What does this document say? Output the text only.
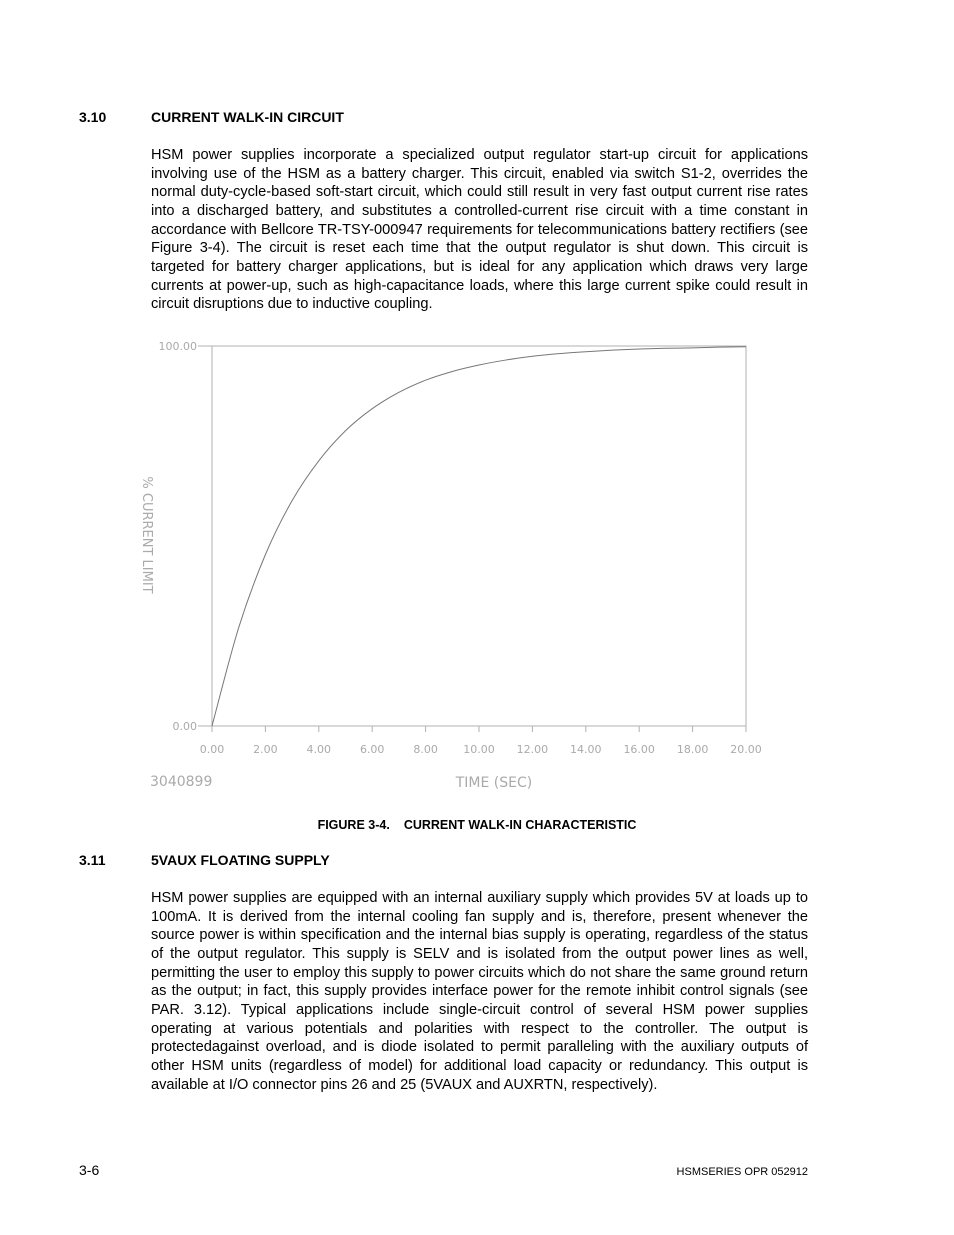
3.10	CURRENT WALK-IN CIRCUIT

HSM power supplies incorporate a specialized output regulator start-up circuit for applications involving use of the HSM as a battery charger. This circuit, enabled via switch S1-2, overrides the normal duty-cycle-based soft-start circuit, which could still result in very fast output current rise rates into a discharged battery, and substitutes a controlled-current rise circuit with a time constant in accordance with Bellcore TR-TSY-000947 requirements for telecommunications battery rectifiers (see Figure 3-4). The circuit is reset each time that the output regulator is shut down. This circuit is targeted for battery charger applications, but is ideal for any application which draws very large currents at power-up, such as high-capacitance loads, where this large current spike could result in circuit disruptions due to inductive coupling.

0.00	2.00	4.00	6.00	8.00 10.00 12.00 14.00 16.00 18.00 20.00
0.00
100.00
% CURRENT LIMIT
TIME (SEC)
3040899
FIGURE 3-4. CURRENT WALK-IN CHARACTERISTIC
3.11	5VAUX FLOATING SUPPLY

HSM power supplies are equipped with an internal auxiliary supply which provides 5V at loads up to 100mA. It is derived from the internal cooling fan supply and is, therefore, present whenever the source power is within specification and the internal bias supply is operating, regardless of the status of the output regulator. This supply is SELV and is isolated from the output power lines as well, permitting the user to employ this supply to power circuits which do not share the same ground return as the output; in fact, this supply provides interface power for the remote inhibit control signals (see PAR. 3.12). Typical applications include single-circuit control of several HSM power supplies operating at various potentials and polarities with respect to the controller. The output is protectedagainst overload, and is diode isolated to permit paralleling with the auxiliary outputs of other HSM units (regardless of model) for additional load capacity or redundancy. This output is available at I/O connector pins 26 and 25 (5VAUX and AUXRTN, respectively).

3-6	HSMSERIES OPR 052912
